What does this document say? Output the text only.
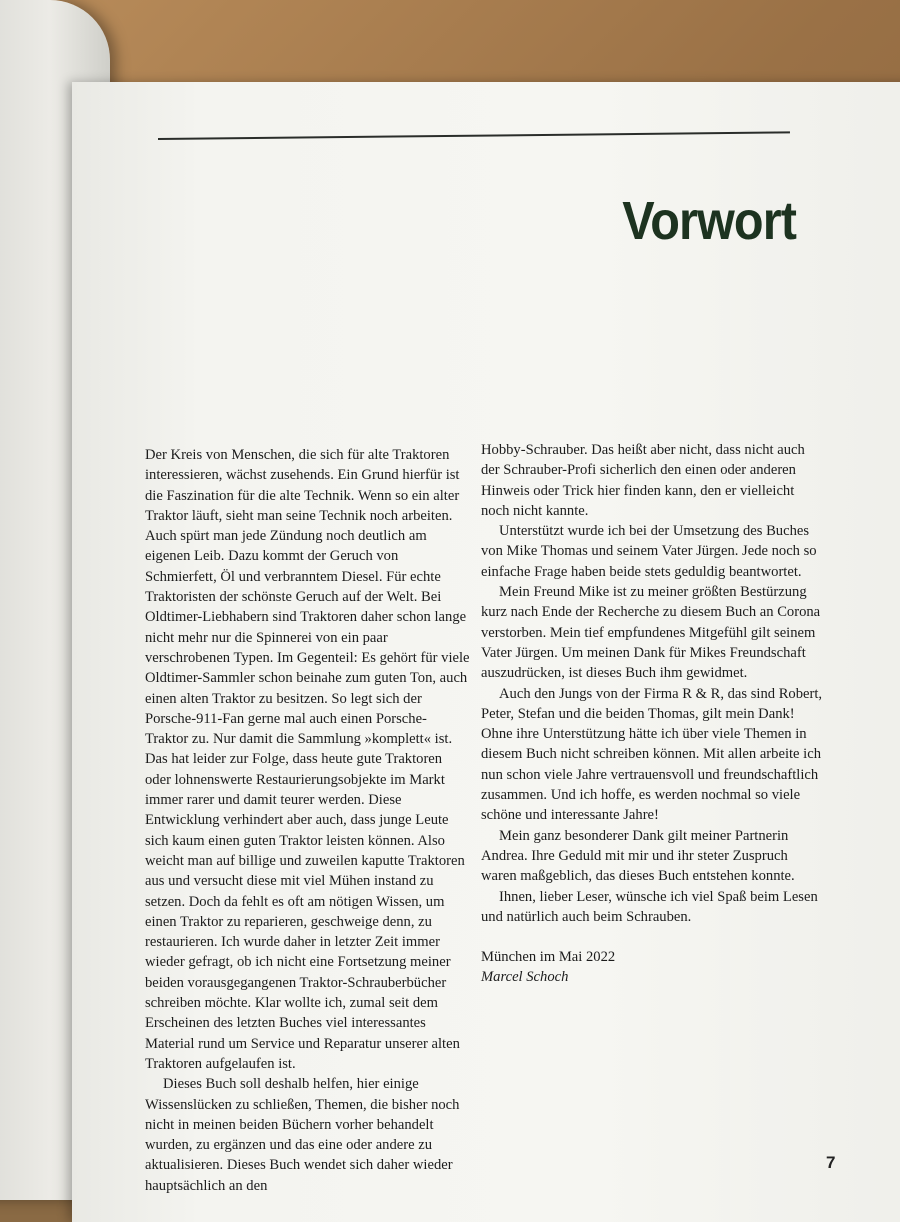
Vorwort

Der Kreis von Menschen, die sich für alte Traktoren interessieren, wächst zusehends. Ein Grund hierfür ist die Faszination für die alte Technik. Wenn so ein alter Traktor läuft, sieht man seine Technik noch arbeiten. Auch spürt man jede Zündung noch deutlich am eigenen Leib. Dazu kommt der Geruch von Schmierfett, Öl und verbranntem Diesel. Für echte Traktoristen der schönste Geruch auf der Welt. Bei Oldtimer-Liebhabern sind Traktoren daher schon lange nicht mehr nur die Spinnerei von ein paar verschrobenen Typen. Im Gegenteil: Es gehört für viele Oldtimer-Sammler schon beinahe zum guten Ton, auch einen alten Traktor zu besitzen. So legt sich der Porsche-911-Fan gerne mal auch einen Porsche-Traktor zu. Nur damit die Sammlung »komplett« ist. Das hat leider zur Folge, dass heute gute Traktoren oder lohnenswerte Restaurierungsobjekte im Markt immer rarer und damit teurer werden. Diese Entwicklung verhindert aber auch, dass junge Leute sich kaum einen guten Traktor leisten können. Also weicht man auf billige und zuweilen kaputte Traktoren aus und versucht diese mit viel Mühen instand zu setzen. Doch da fehlt es oft am nötigen Wissen, um einen Traktor zu reparieren, geschweige denn, zu restaurieren. Ich wurde daher in letzter Zeit immer wieder gefragt, ob ich nicht eine Fortsetzung meiner beiden vorausgegangenen Traktor-Schrauberbücher schreiben möchte. Klar wollte ich, zumal seit dem Erscheinen des letzten Buches viel interessantes Material rund um Service und Reparatur unserer alten Traktoren aufgelaufen ist.

Dieses Buch soll deshalb helfen, hier einige Wissenslücken zu schließen, Themen, die bisher noch nicht in meinen beiden Büchern vorher behandelt wurden, zu ergänzen und das eine oder andere zu aktualisieren. Dieses Buch wendet sich daher wieder hauptsächlich an den

Hobby-Schrauber. Das heißt aber nicht, dass nicht auch der Schrauber-Profi sicherlich den einen oder anderen Hinweis oder Trick hier finden kann, den er vielleicht noch nicht kannte.

Unterstützt wurde ich bei der Umsetzung des Buches von Mike Thomas und seinem Vater Jürgen. Jede noch so einfache Frage haben beide stets geduldig beantwortet.

Mein Freund Mike ist zu meiner größten Bestürzung kurz nach Ende der Recherche zu diesem Buch an Corona verstorben. Mein tief empfundenes Mitgefühl gilt seinem Vater Jürgen. Um meinen Dank für Mikes Freundschaft auszudrücken, ist dieses Buch ihm gewidmet.

Auch den Jungs von der Firma R & R, das sind Robert, Peter, Stefan und die beiden Thomas, gilt mein Dank! Ohne ihre Unterstützung hätte ich über viele Themen in diesem Buch nicht schreiben können. Mit allen arbeite ich nun schon viele Jahre vertrauensvoll und freundschaftlich zusammen. Und ich hoffe, es werden nochmal so viele schöne und interessante Jahre!

Mein ganz besonderer Dank gilt meiner Partnerin Andrea. Ihre Geduld mit mir und ihr steter Zuspruch waren maßgeblich, das dieses Buch entstehen konnte.

Ihnen, lieber Leser, wünsche ich viel Spaß beim Lesen und natürlich auch beim Schrauben.

München im Mai 2022

Marcel Schoch

7
